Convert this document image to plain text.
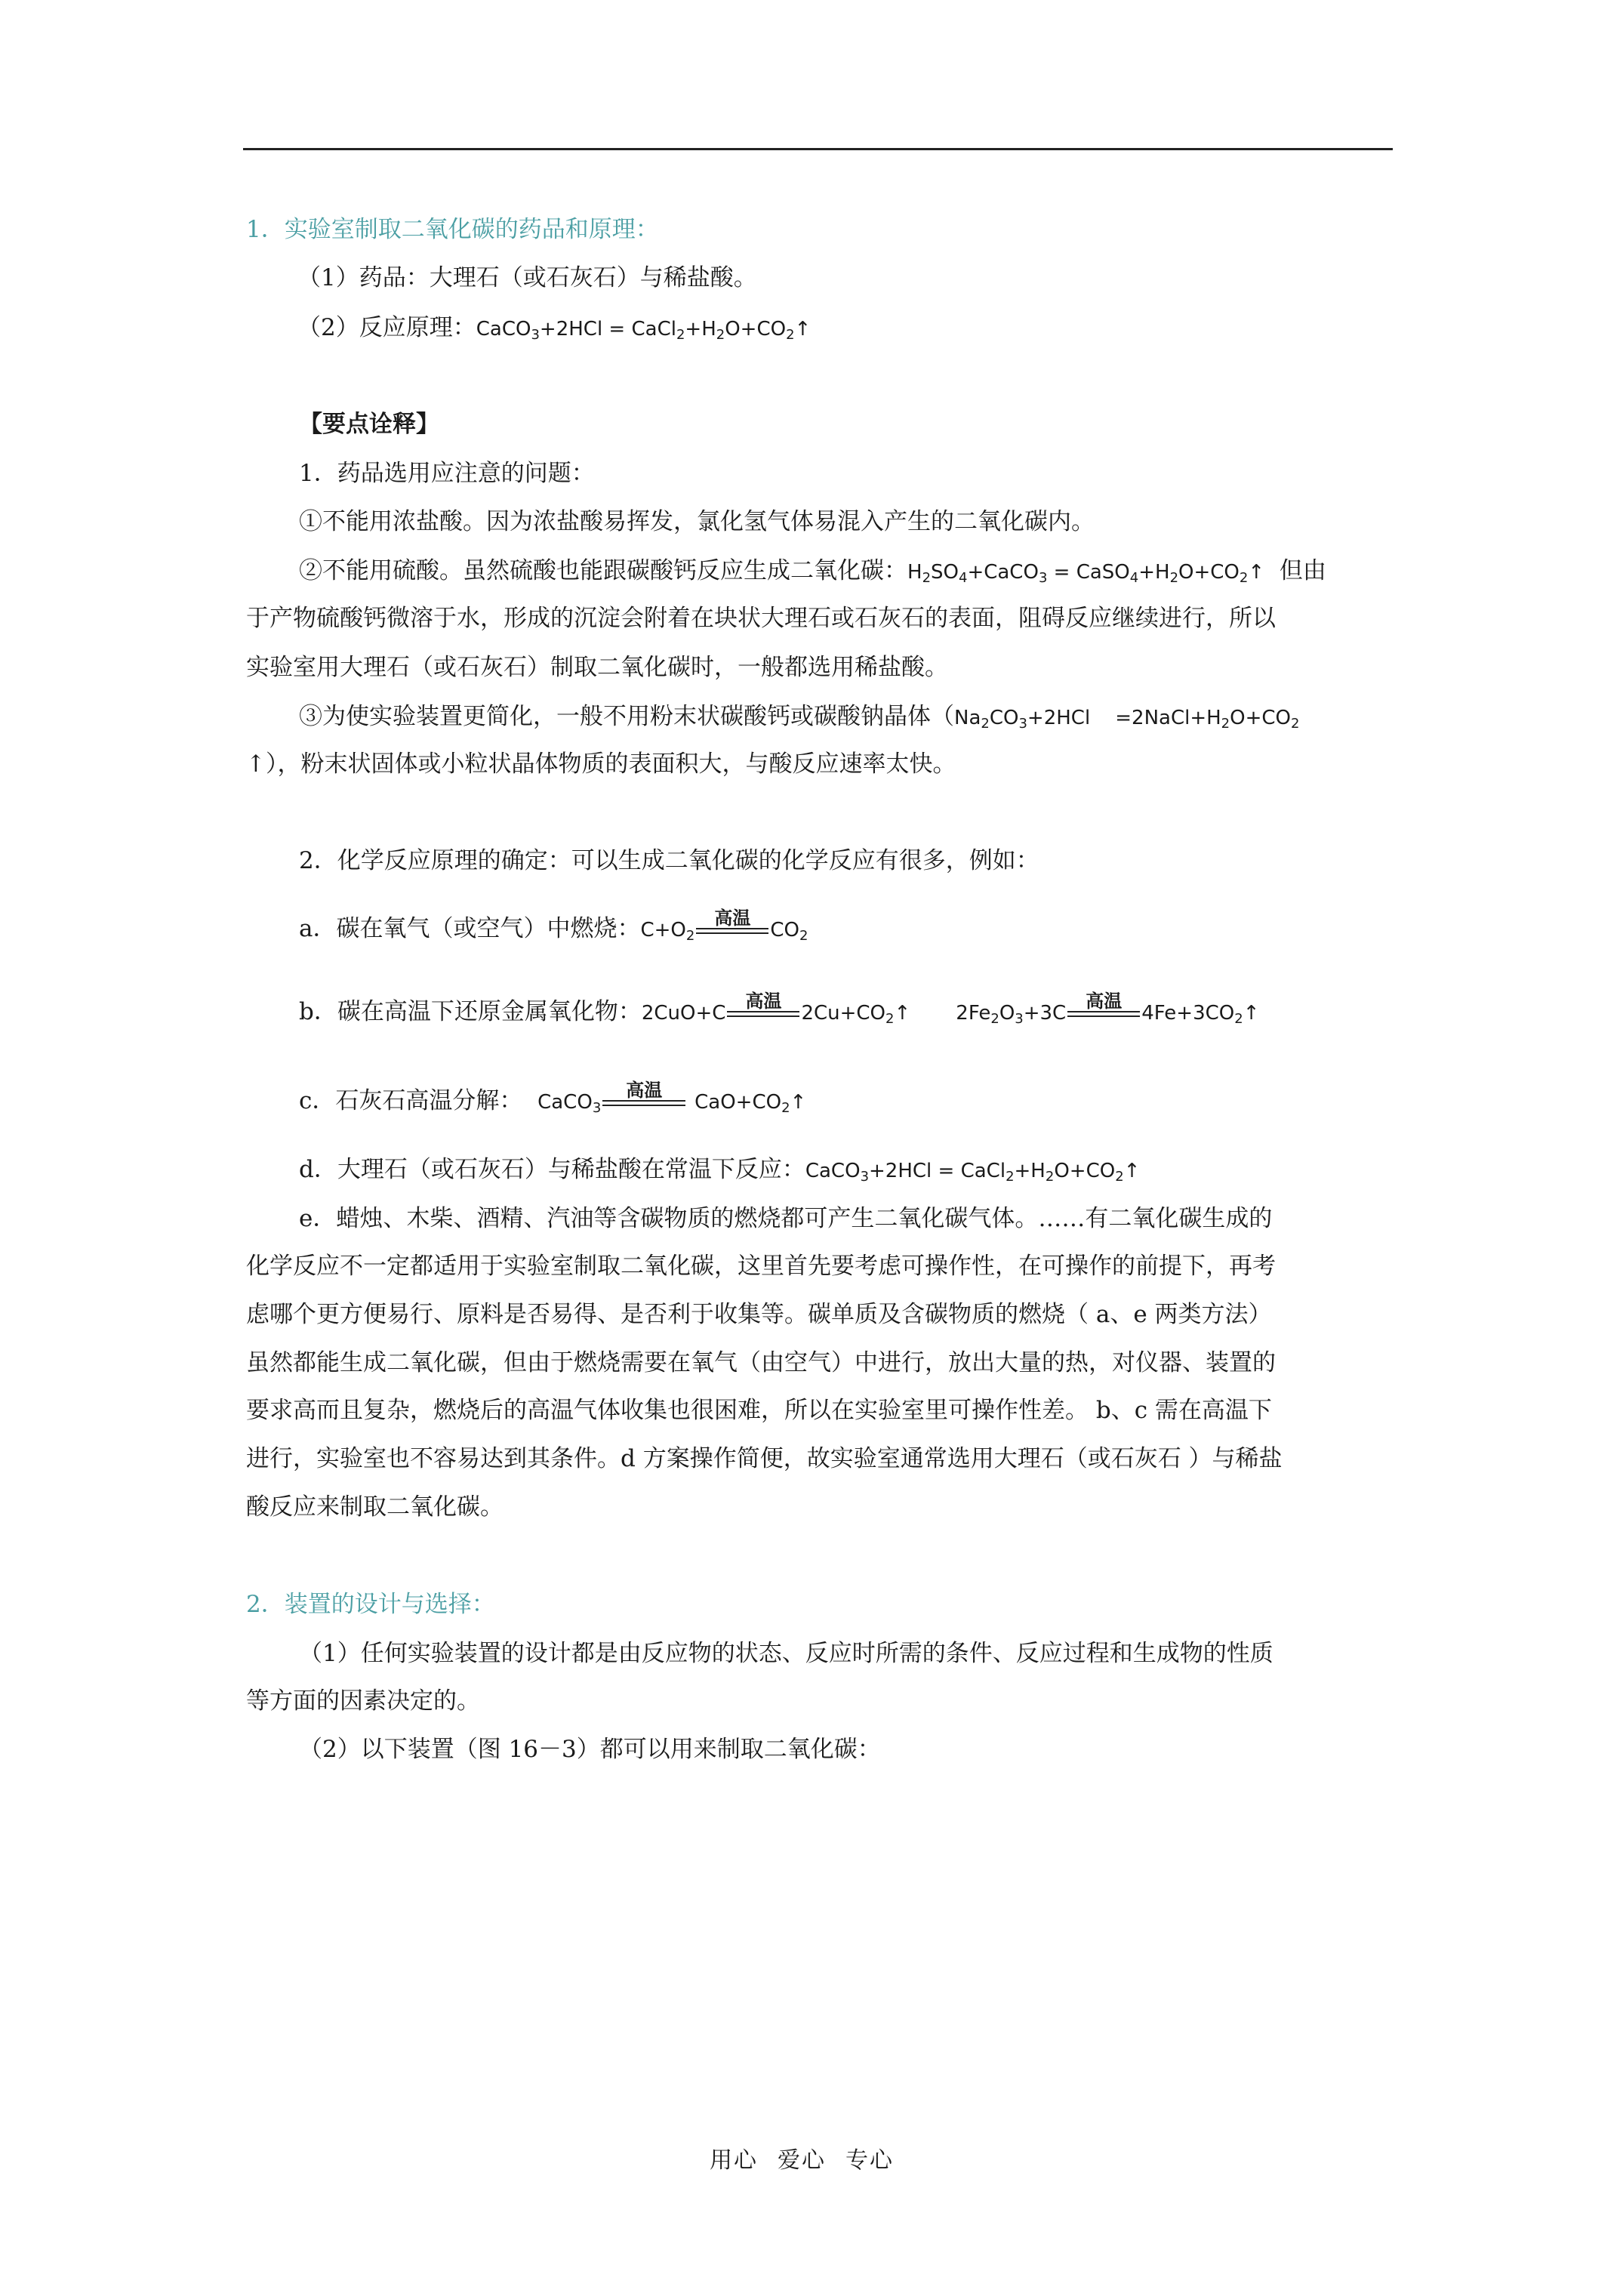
1．实验室制取二氧化碳的药品和原理：
（1）药品：大理石（或石灰石）与稀盐酸。
（2）反应原理：CaCO$_3$+2HCl = $CaCl_2+H_2O+CO_2↑$
【要点诠释】
1．药品选用应注意的问题：
①不能用浓盐酸。因为浓盐酸易挥发，氯化氢气体易混入产生的二氧化碳内。
②不能用硫酸。虽然硫酸也能跟碳酸钙反应生成二氧化碳：$H_2SO_4+CaCO_3$ = $CaSO_4+H_2O+CO_2↑$ 但由
于产物硫酸钙微溶于水，形成的沉淀会附着在块状大理石或石灰石的表面，阻碍反应继续进行，所以
实验室用大理石（或石灰石）制取二氧化碳时，一般都选用稀盐酸。
③为使实验装置更简化，一般不用粉末状碳酸钙或碳酸钠晶体（$Na_2CO_3+2HCl$    $=2NaCl+H_2O+CO_2$
↑），粉末状固体或小粒状晶体物质的表面积大，与酸反应速率太快。
2．化学反应原理的确定：可以生成二氧化碳的化学反应有很多，例如：
a．碳在氧气（或空气）中燃烧：$C+O_2$
高温
$CO_2$
b．碳在高温下还原金属氧化物：2CuO+C
高温
$2Cu+CO_2↑$ $2Fe_2O_3+3C$
高温
$4Fe+3CO_2↑$
c．石灰石高温分解： CaCO$_3$
高温
$CaO+CO_2↑$
d．大理石（或石灰石）与稀盐酸在常温下反应：CaCO$_3$+2HCl = $CaCl_2+H_2O+CO_2↑$
e．蜡烛、木柴、酒精、汽油等含碳物质的燃烧都可产生二氧化碳气体。……有二氧化碳生成的
化学反应不一定都适用于实验室制取二氧化碳，这里首先要考虑可操作性，在可操作的前提下，再考
虑哪个更方便易行、原料是否易得、是否利于收集等。碳单质及含碳物质的燃烧（ a、e 两类方法）
虽然都能生成二氧化碳，但由于燃烧需要在氧气（由空气）中进行，放出大量的热，对仪器、装置的
要求高而且复杂，燃烧后的高温气体收集也很困难，所以在实验室里可操作性差。 b、c 需在高温下
进行，实验室也不容易达到其条件。d 方案操作简便，故实验室通常选用大理石（或石灰石 ）与稀盐
酸反应来制取二氧化碳。
2．装置的设计与选择：
（1）任何实验装置的设计都是由反应物的状态、反应时所需的条件、反应过程和生成物的性质
等方面的因素决定的。
（2）以下装置（图 16－3）都可以用来制取二氧化碳：
用心 爱心 专心
